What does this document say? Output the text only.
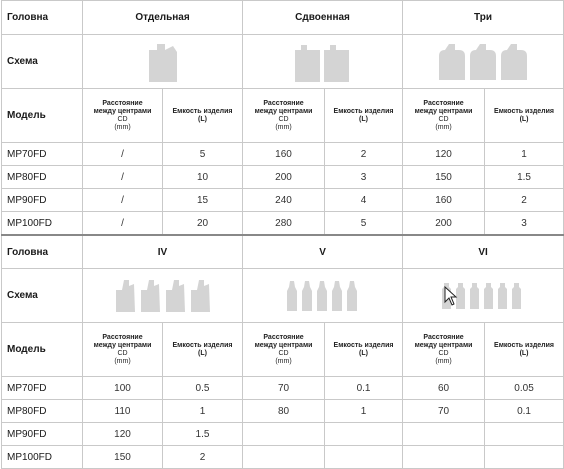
Головна	Отдельная		Сдвоенная		Три	
Схема	

Модель	Расстояние
между центрами
CD
(mm)	Емкость изделия
(L)	Расстояние
между центрами
CD
(mm)	Емкость изделия
(L)	Расстояние
между центрами
CD
(mm)	Емкость изделия
(L)
MP70FD	/	5	160	2	120	1
MP80FD	/	10	200	3	150	1.5
MP90FD	/	15	240	4	160	2
MP100FD	/	20	280	5	200	3
Головна	IV		V		VI	
Схема	

Модель	Расстояние
между центрами
CD
(mm)	Емкость изделия
(L)	Расстояние
между центрами
CD
(mm)	Емкость изделия
(L)	Расстояние
между центрами
CD
(mm)	Емкость изделия
(L)
MP70FD	100	0.5	70	0.1	60	0.05
MP80FD	110	1	80	1	70	0.1
MP90FD	120	1.5				
MP100FD	150	2				
